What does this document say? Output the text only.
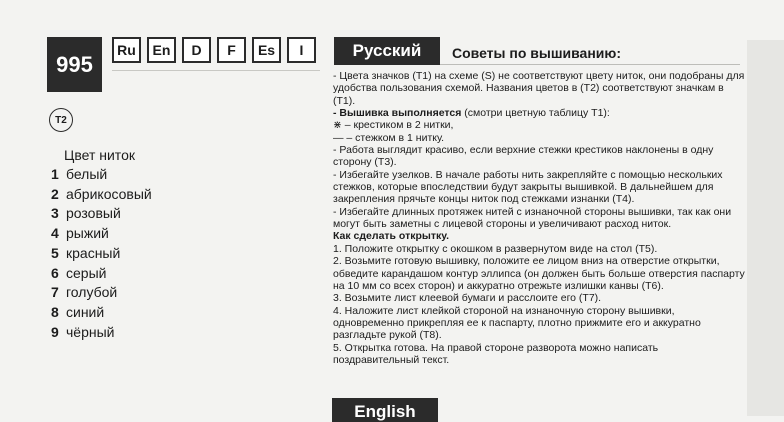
995
Ru	En	D	F	Es	I
T2
Цвет ниток
1 белый
2 абрикосовый
3 розовый
4 рыжий
5 красный
6 серый
7 голубой
8 синий
9 чёрный
Русский	Советы по вышиванию:

- Цвета значков (T1) на схеме (S) не соответствуют цвету ниток, они подобраны для удобства пользования схемой. Названия цветов в (T2) соответствуют значкам в (T1).

- Вышивка выполняется (смотри цветную таблицу T1):

⋇ – крестиком в 2 нитки,

— – стежком в 1 нитку.

- Работа выглядит красиво, если верхние стежки крестиков наклонены в одну сторону (T3).

- Избегайте узелков. В начале работы нить закрепляйте с помощью нескольких стежков, которые впоследствии будут закрыты вышивкой. В дальнейшем для закрепления прячьте концы ниток под стежками изнанки (T4).

- Избегайте длинных протяжек нитей с изнаночной стороны вышивки, так как они могут быть заметны с лицевой стороны и увеличивают расход ниток.

Как сделать открытку.

1. Положите открытку с окошком в развернутом виде на стол (T5).

2. Возьмите готовую вышивку, положите ее лицом вниз на отверстие открытки, обведите карандашом контур эллипса (он должен быть больше отверстия паспарту на 10 мм со всех сторон) и аккуратно отрежьте излишки канвы (T6).

3. Возьмите лист клеевой бумаги и расслоите его (T7).

4. Наложите лист клейкой стороной на изнаночную сторону вышивки, одновременно прикрепляя ее к паспарту, плотно прижмите его и аккуратно разгладьте рукой (T8).

5. Открытка готова. На правой стороне разворота можно написать поздравительный текст.

English
